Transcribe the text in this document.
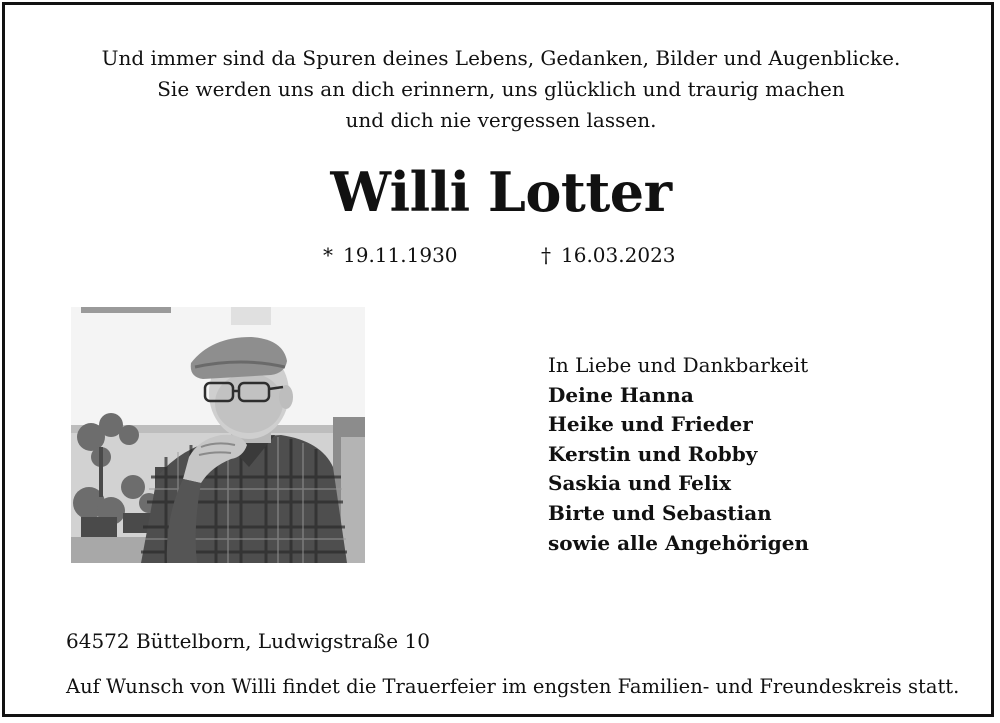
Und immer sind da Spuren deines Lebens, Gedanken, Bilder und Augenblicke.
Sie werden uns an dich erinnern, uns glücklich und traurig machen
und dich nie vergessen lassen.
Willi Lotter
* 19.11.1930	† 16.03.2023
In Liebe und Dankbarkeit
Deine Hanna
Heike und Frieder
Kerstin und Robby
Saskia und Felix
Birte und Sebastian
sowie alle Angehörigen
64572 Büttelborn, Ludwigstraße 10
Auf Wunsch von Willi findet die Trauerfeier im engsten Familien- und Freundeskreis statt.
